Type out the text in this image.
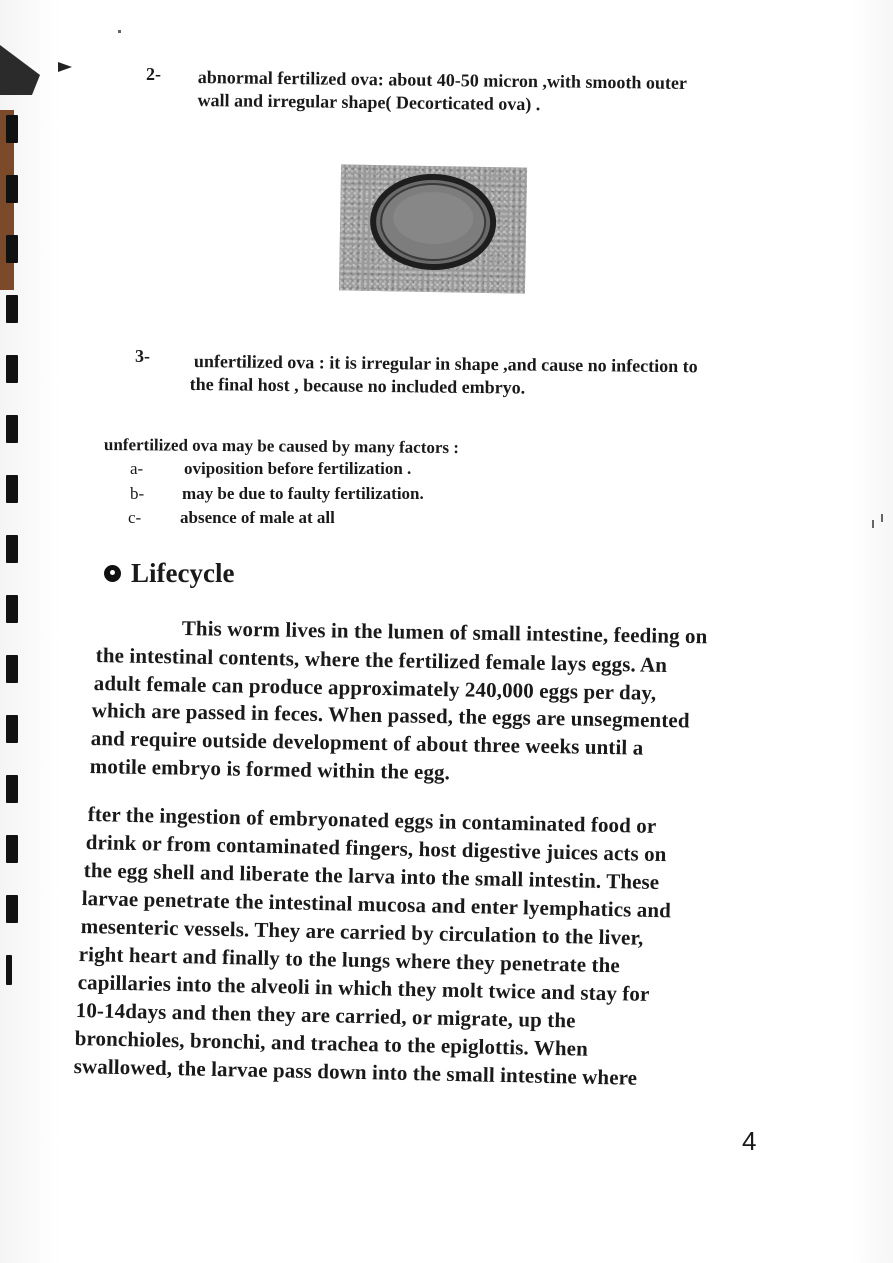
2- abnormal fertilized ova: about 40-50 micron ,with smooth outer
wall and irregular shape( Decorticated ova) .
3- unfertilized ova : it is irregular in shape ,and cause no infection to
the final host , because no included embryo.
unfertilized ova may be caused by many factors :
a- oviposition before fertilization .
b- may be due to faulty fertilization.
c- absence of male at all
Lifecycle
This worm lives in the lumen of small intestine, feeding on
the intestinal contents, where the fertilized female lays eggs. An
adult female can produce approximately 240,000 eggs per day,
which are passed in feces. When passed, the eggs are unsegmented
and require outside development of about three weeks until a
motile embryo is formed within the egg.
fter the ingestion of embryonated eggs in contaminated food or
drink or from contaminated fingers, host digestive juices acts on
the egg shell and liberate the larva into the small intestin. These
larvae penetrate the intestinal mucosa and enter lyemphatics and
mesenteric vessels. They are carried by circulation to the liver,
right heart and finally to the lungs where they penetrate the
capillaries into the alveoli in which they molt twice and stay for
10-14days and then they are carried, or migrate, up the
bronchioles, bronchi, and trachea to the epiglottis. When
swallowed, the larvae pass down into the small intestine where
4
